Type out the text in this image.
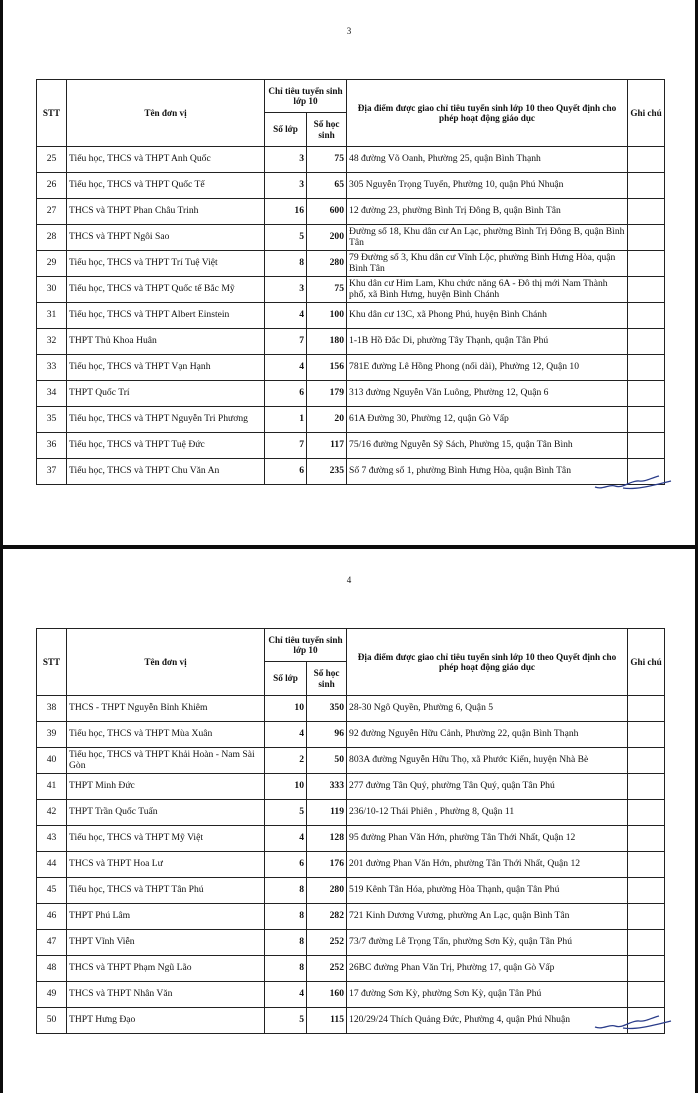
3
STT	Tên đơn vị	Chỉ tiêu tuyển sinh lớp 10		Địa điểm được giao chỉ tiêu tuyển sinh lớp 10 theo Quyết định cho phép hoạt động giáo dục	Ghi chú
		Số lớp	Số học sinh		
25	Tiểu học, THCS và THPT Anh Quốc	3	75	48 đường Võ Oanh, Phường 25, quận Bình Thạnh	
26	Tiểu học, THCS và THPT Quốc Tế	3	65	305 Nguyễn Trọng Tuyển, Phường 10, quận Phú Nhuận	
27	THCS và THPT Phan Châu Trinh	16	600	12 đường 23, phường Bình Trị Đông B, quận Bình Tân	
28	THCS và THPT Ngôi Sao	5	200	Đường số 18, Khu dân cư An Lạc, phường Bình Trị Đông B, quận Bình Tân	
29	Tiểu học, THCS và THPT Trí Tuệ Việt	8	280	79 Đường số 3, Khu dân cư Vĩnh Lộc, phường Bình Hưng Hòa, quận Bình Tân	
30	Tiểu học, THCS và THPT Quốc tế Bắc Mỹ	3	75	Khu dân cư Him Lam, Khu chức năng 6A - Đô thị mới Nam Thành phố, xã Bình Hưng, huyện Bình Chánh	
31	Tiểu học, THCS và THPT Albert Einstein	4	100	Khu dân cư 13C, xã Phong Phú, huyện Bình Chánh	
32	THPT Thủ Khoa Huân	7	180	1-1B Hồ Đắc Di, phường Tây Thạnh, quận Tân Phú	
33	Tiểu học, THCS và THPT Vạn Hạnh	4	156	781E đường Lê Hồng Phong (nối dài), Phường 12, Quận 10	
34	THPT Quốc Trí	6	179	313 đường Nguyễn Văn Luông, Phường 12, Quận 6	
35	Tiểu học, THCS và THPT Nguyễn Tri Phương	1	20	61A Đường 30, Phường 12, quận Gò Vấp	
36	Tiểu học, THCS và THPT Tuệ Đức	7	117	75/16 đường Nguyễn Sỹ Sách, Phường 15, quận Tân Bình	
37	Tiểu học, THCS và THPT Chu Văn An	6	235	Số 7 đường số 1, phường Bình Hưng Hòa, quận Bình Tân	
4
STT	Tên đơn vị	Chỉ tiêu tuyển sinh lớp 10		Địa điểm được giao chỉ tiêu tuyển sinh lớp 10 theo Quyết định cho phép hoạt động giáo dục	Ghi chú
		Số lớp	Số học sinh		
38	THCS - THPT Nguyễn Bỉnh Khiêm	10	350	28-30 Ngô Quyền, Phường 6, Quận 5	
39	Tiểu học, THCS và THPT Mùa Xuân	4	96	92 đường Nguyễn Hữu Cảnh, Phường 22, quận Bình Thạnh	
40	Tiểu học, THCS và THPT Khải Hoàn - Nam Sài Gòn	2	50	803A đường Nguyễn Hữu Thọ, xã Phước Kiển, huyện Nhà Bè	
41	THPT Minh Đức	10	333	277 đường Tân Quý, phường Tân Quý, quận Tân Phú	
42	THPT Trần Quốc Tuấn	5	119	236/10-12 Thái Phiên , Phường 8, Quận 11	
43	Tiểu học, THCS và THPT Mỹ Việt	4	128	95 đường Phan Văn Hớn, phường Tân Thới Nhất, Quận 12	
44	THCS và THPT Hoa Lư	6	176	201 đường Phan Văn Hớn, phường Tân Thới Nhất, Quận 12	
45	Tiểu học, THCS và THPT Tân Phú	8	280	519 Kênh Tân Hóa, phường Hòa Thạnh, quận Tân Phú	
46	THPT Phú Lâm	8	282	721 Kinh Dương Vương, phường An Lạc, quận Bình Tân	
47	THPT Vĩnh Viễn	8	252	73/7 đường Lê Trọng Tấn, phường Sơn Kỳ, quận Tân Phú	
48	THCS và THPT Phạm Ngũ Lão	8	252	26BC đường Phan Văn Trị, Phường 17, quận Gò Vấp	
49	THCS và THPT Nhân Văn	4	160	17 đường Sơn Kỳ, phường Sơn Kỳ, quận Tân Phú	
50	THPT Hưng Đạo	5	115	120/29/24 Thích Quảng Đức, Phường 4, quận Phú Nhuận	
